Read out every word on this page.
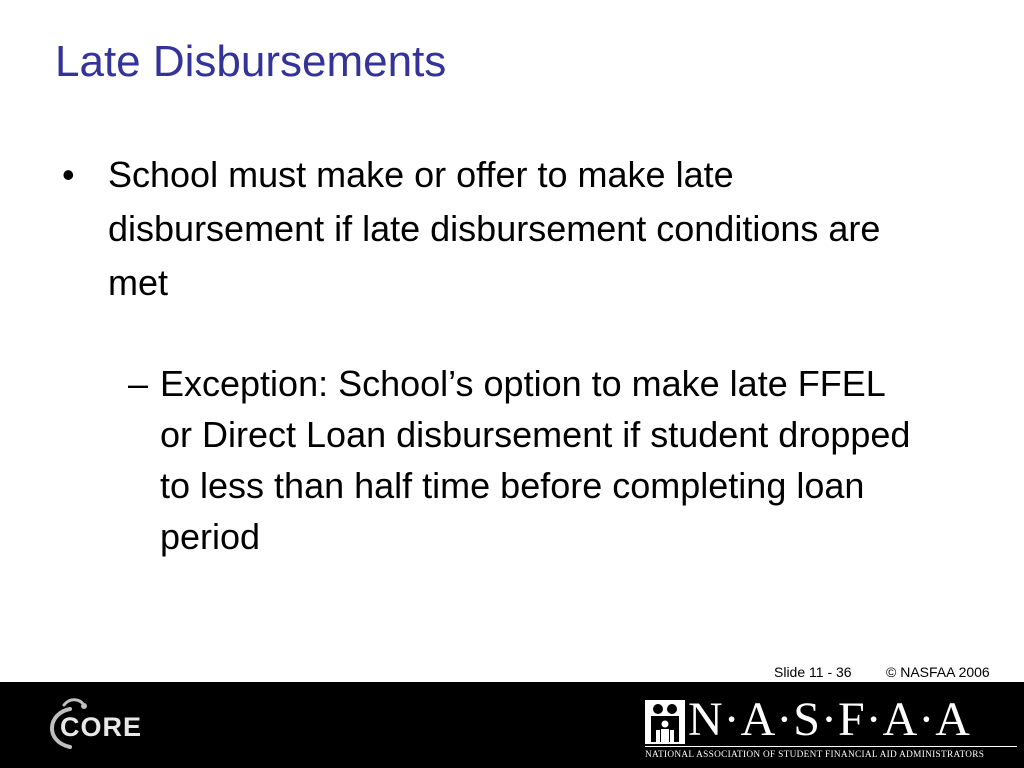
Late Disbursements
• School must make or offer to make late disbursement if late disbursement conditions are met
– Exception: School’s option to make late FFEL or Direct Loan disbursement if student dropped to less than half time before completing loan period
Slide 11 - 36 © NASFAA 2006
CORE	N·A·S·F·A·A
NATIONAL ASSOCIATION OF STUDENT FINANCIAL AID ADMINISTRATORS
